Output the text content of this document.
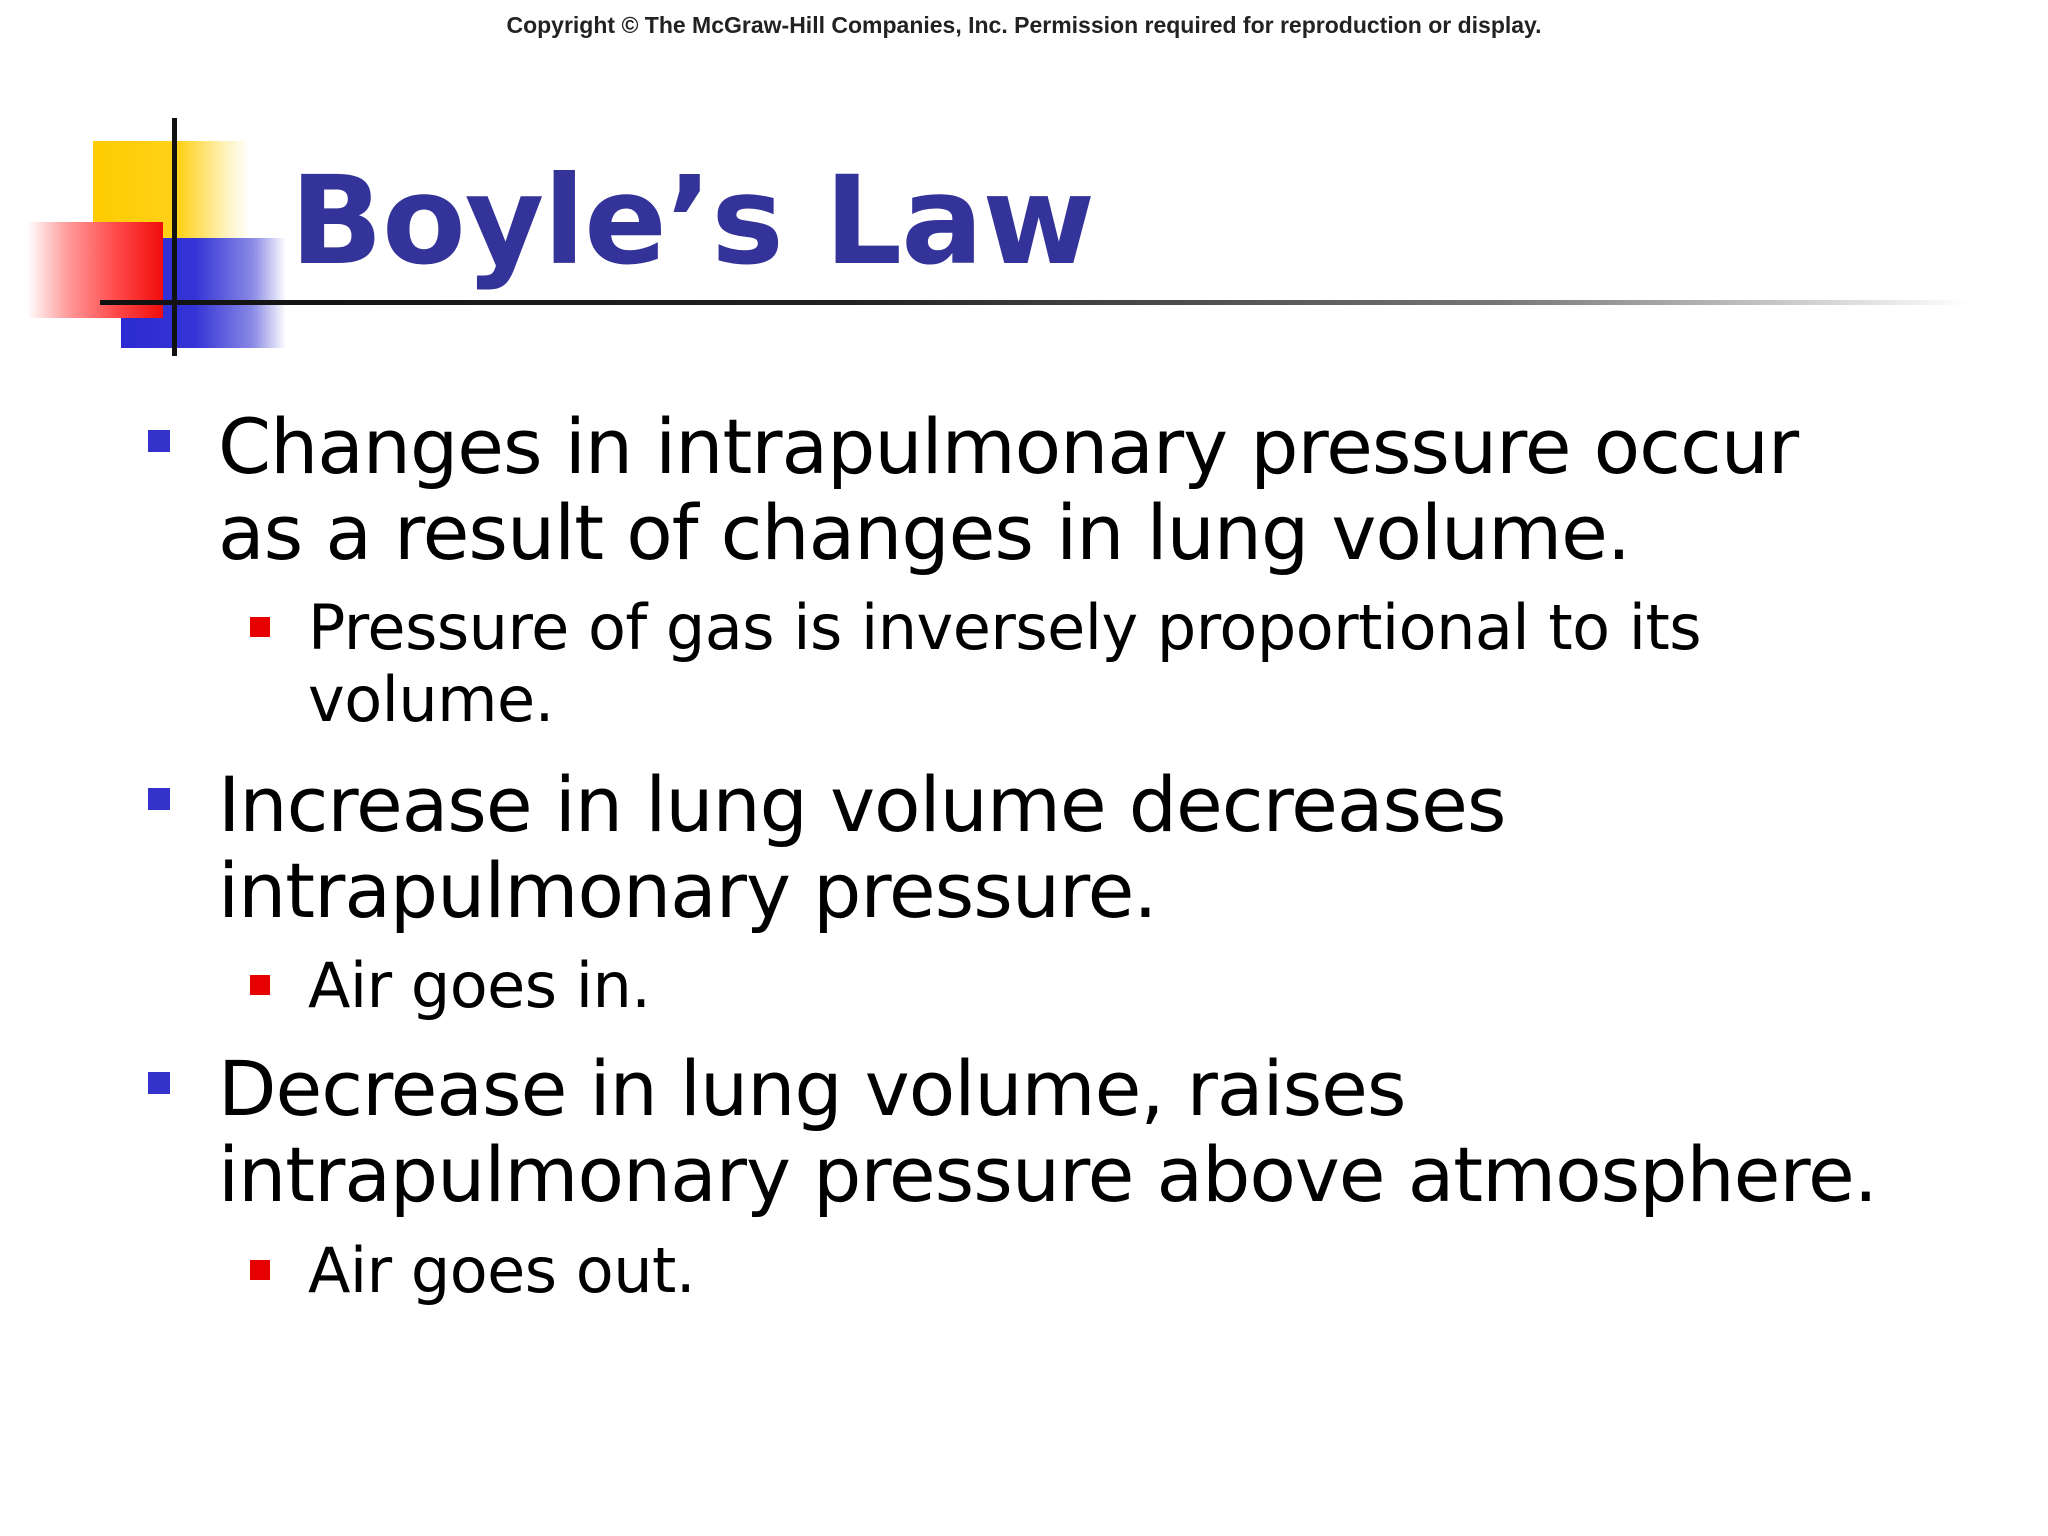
Copyright © The McGraw-Hill Companies, Inc. Permission required for reproduction or display.
Boyle’s Law
Changes in intrapulmonary pressure occur as a result of changes in lung volume.
Pressure of gas is inversely proportional to its volume.
Increase in lung volume decreases intrapulmonary pressure.
Air goes in.
Decrease in lung volume, raises intrapulmonary pressure above atmosphere.
Air goes out.
